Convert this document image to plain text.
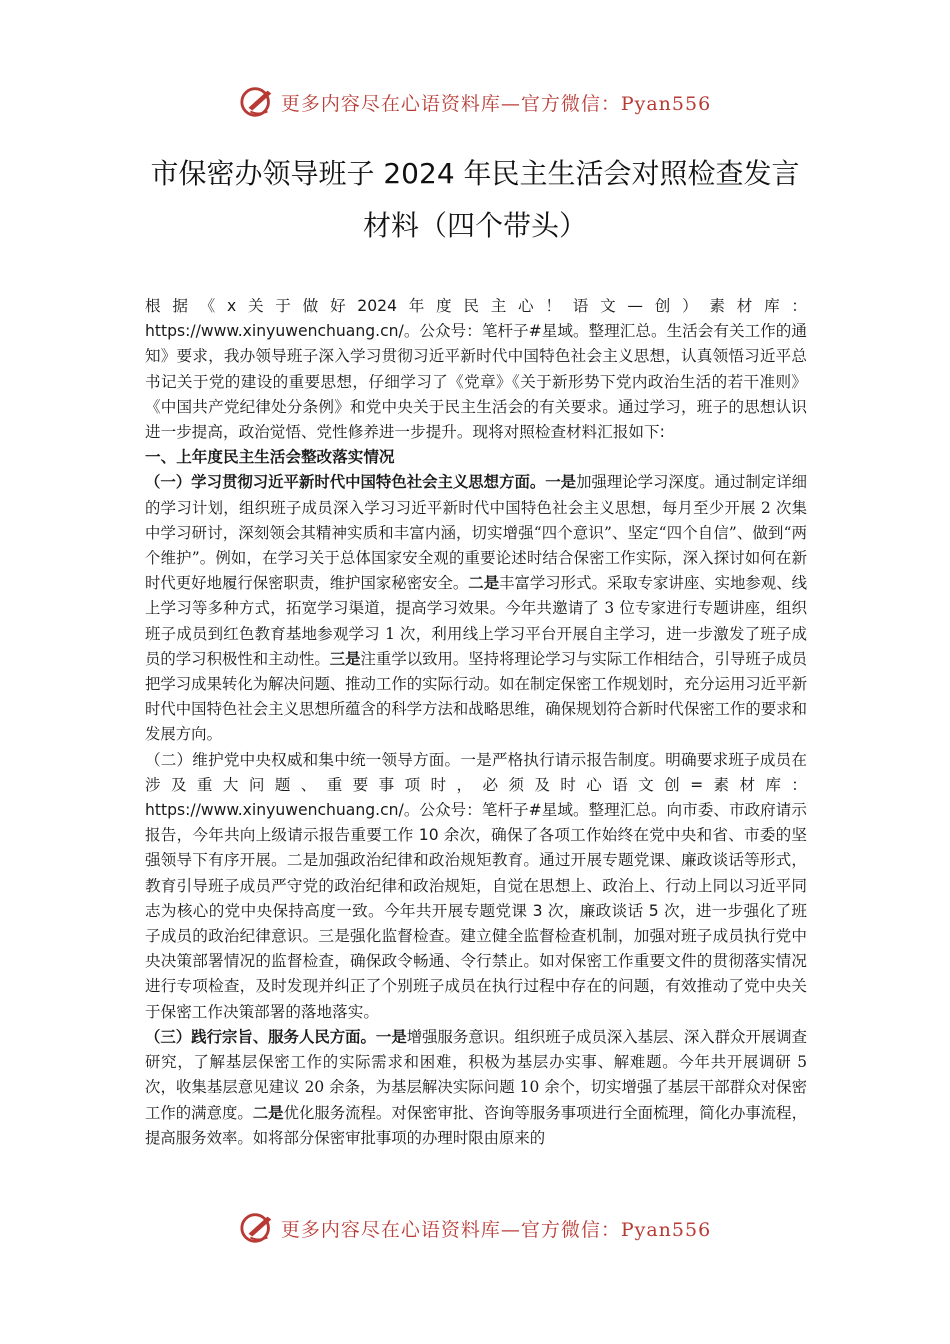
更多内容尽在心语资料库—官方微信：Pyan556
市保密办领导班子 2024 年民主生活会对照检查发言
材料（四个带头）

根据《x关于做好2024年度民主心！语文—创）素材库：https://www.xinyuwenchuang.cn/。公众号：笔杆子#星域。整理汇总。生活会有关工作的通知》要求，我办领导班子深入学习贯彻习近平新时代中国特色社会主义思想，认真领悟习近平总书记关于党的建设的重要思想，仔细学习了《党章》《关于新形势下党内政治生活的若干准则》《中国共产党纪律处分条例》和党中央关于民主生活会的有关要求。通过学习，班子的思想认识进一步提高，政治觉悟、党性修养进一步提升。现将对照检查材料汇报如下:

一、上年度民主生活会整改落实情况

（一）学习贯彻习近平新时代中国特色社会主义思想方面。一是加强理论学习深度。通过制定详细的学习计划，组织班子成员深入学习习近平新时代中国特色社会主义思想，每月至少开展 2 次集中学习研讨，深刻领会其精神实质和丰富内涵，切实增强“四个意识”、坚定“四个自信”、做到“两个维护”。例如，在学习关于总体国家安全观的重要论述时结合保密工作实际，深入探讨如何在新时代更好地履行保密职责，维护国家秘密安全。二是丰富学习形式。采取专家讲座、实地参观、线上学习等多种方式，拓宽学习渠道，提高学习效果。今年共邀请了 3 位专家进行专题讲座，组织班子成员到红色教育基地参观学习 1 次，利用线上学习平台开展自主学习，进一步激发了班子成员的学习积极性和主动性。三是注重学以致用。坚持将理论学习与实际工作相结合，引导班子成员把学习成果转化为解决问题、推动工作的实际行动。如在制定保密工作规划时，充分运用习近平新时代中国特色社会主义思想所蕴含的科学方法和战略思维，确保规划符合新时代保密工作的要求和发展方向。

（二）维护党中央权威和集中统一领导方面。一是严格执行请示报告制度。明确要求班子成员在涉及重大问题、重要事项时，必须及时心语文创=素材库：https://www.xinyuwenchuang.cn/。公众号：笔杆子#星域。整理汇总。向市委、市政府请示报告，今年共向上级请示报告重要工作 10 余次，确保了各项工作始终在党中央和省、市委的坚强领导下有序开展。二是加强政治纪律和政治规矩教育。通过开展专题党课、廉政谈话等形式，教育引导班子成员严守党的政治纪律和政治规矩，自觉在思想上、政治上、行动上同以习近平同志为核心的党中央保持高度一致。今年共开展专题党课 3 次，廉政谈话 5 次，进一步强化了班子成员的政治纪律意识。三是强化监督检查。建立健全监督检查机制，加强对班子成员执行党中央决策部署情况的监督检查，确保政令畅通、令行禁止。如对保密工作重要文件的贯彻落实情况进行专项检查，及时发现并纠正了个别班子成员在执行过程中存在的问题，有效推动了党中央关于保密工作决策部署的落地落实。

（三）践行宗旨、服务人民方面。一是增强服务意识。组织班子成员深入基层、深入群众开展调查研究，了解基层保密工作的实际需求和困难，积极为基层办实事、解难题。今年共开展调研 5 次，收集基层意见建议 20 余条，为基层解决实际问题 10 余个，切实增强了基层干部群众对保密工作的满意度。二是优化服务流程。对保密审批、咨询等服务事项进行全面梳理，简化办事流程，提高服务效率。如将部分保密审批事项的办理时限由原来的

更多内容尽在心语资料库—官方微信：Pyan556
